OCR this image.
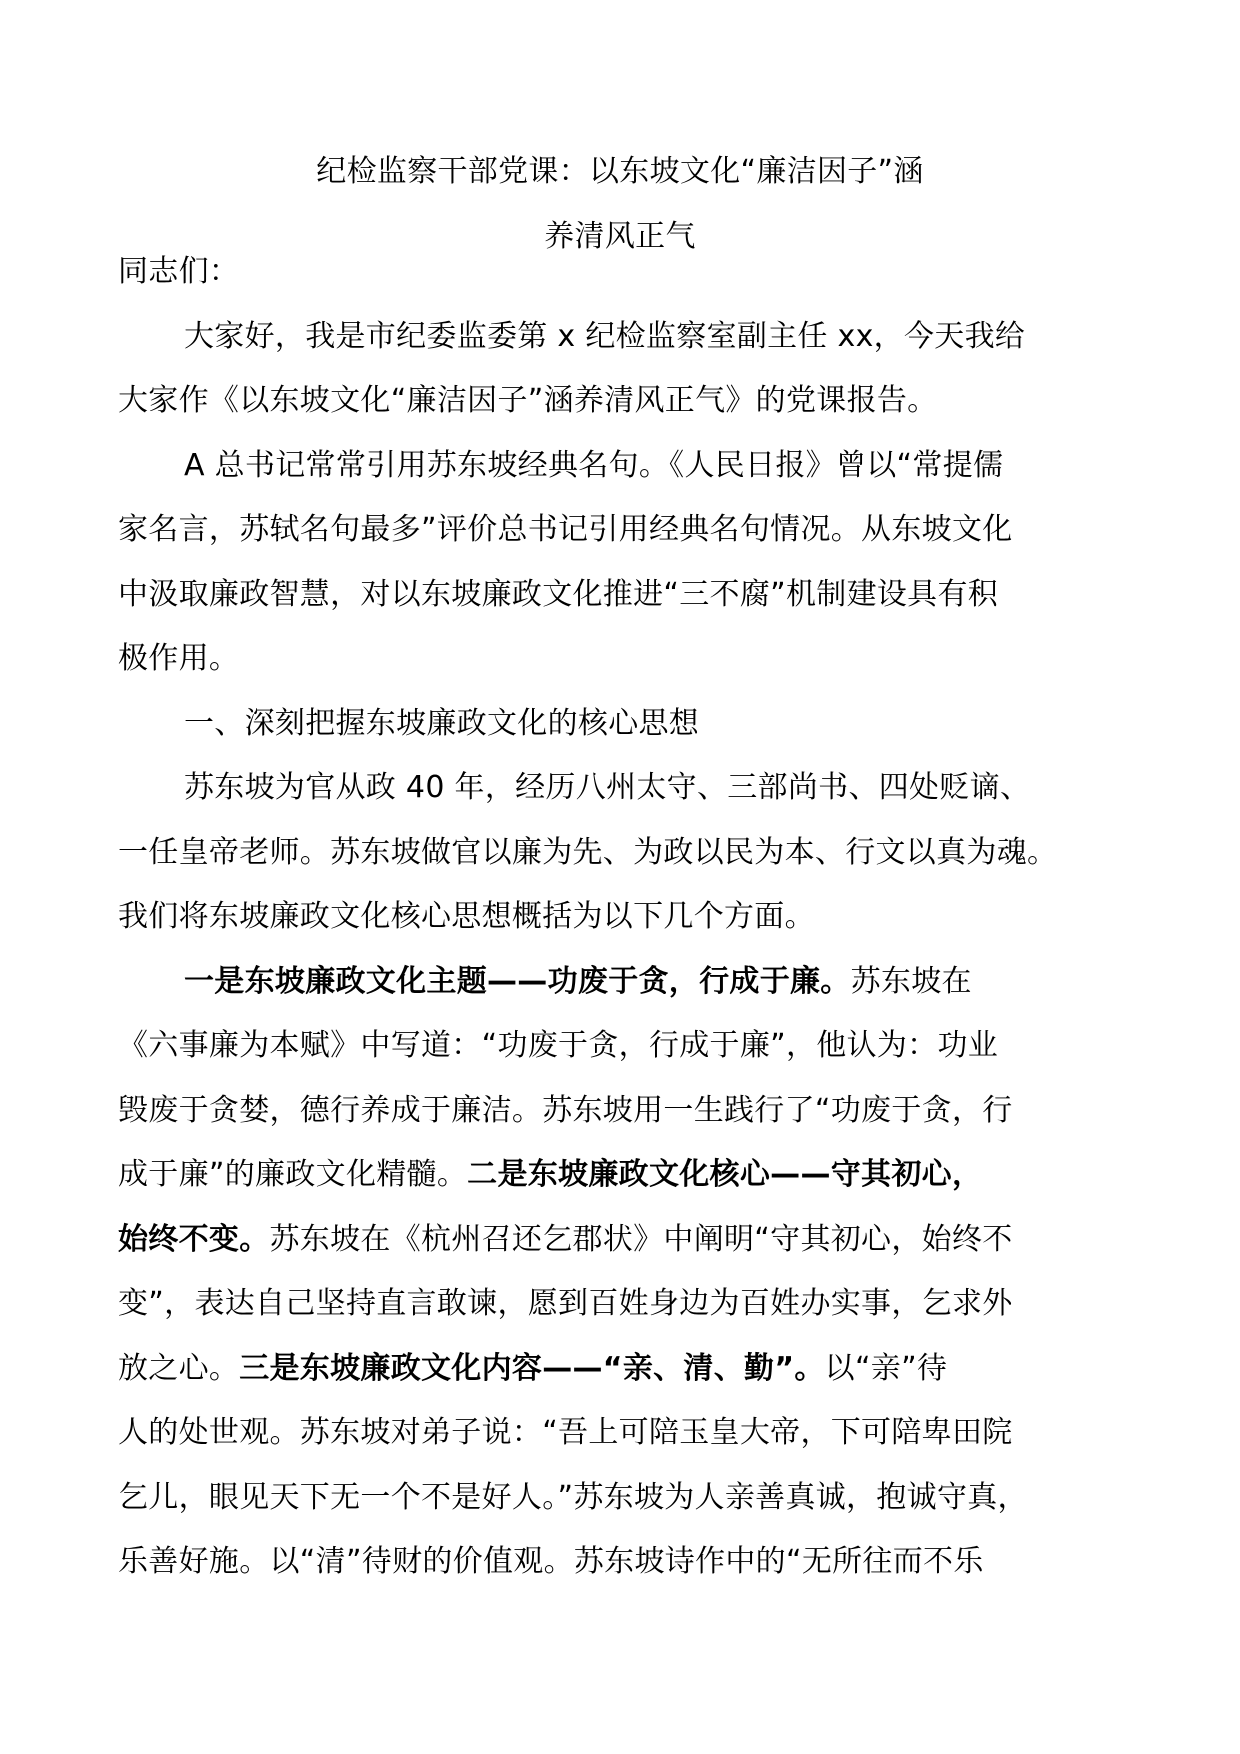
纪检监察干部党课：以东坡文化“廉洁因子”涵
养清风正气
同志们：
大家好，我是市纪委监委第 x 纪检监察室副主任 xx，今天我给
大家作《以东坡文化“廉洁因子”涵养清风正气》的党课报告。
A 总书记常常引用苏东坡经典名句。《人民日报》曾以“常提儒
家名言，苏轼名句最多”评价总书记引用经典名句情况。从东坡文化
中汲取廉政智慧，对以东坡廉政文化推进“三不腐”机制建设具有积
极作用。
一、深刻把握东坡廉政文化的核心思想
苏东坡为官从政 40 年，经历八州太守、三部尚书、四处贬谪、
一任皇帝老师。苏东坡做官以廉为先、为政以民为本、行文以真为魂。
我们将东坡廉政文化核心思想概括为以下几个方面。
一是东坡廉政文化主题——功废于贪，行成于廉。苏东坡在
《六事廉为本赋》中写道：“功废于贪，行成于廉”，他认为：功业
毁废于贪婪，德行养成于廉洁。苏东坡用一生践行了“功废于贪，行
成于廉”的廉政文化精髓。二是东坡廉政文化核心——守其初心，
始终不变。苏东坡在《杭州召还乞郡状》中阐明“守其初心，始终不
变”，表达自己坚持直言敢谏，愿到百姓身边为百姓办实事，乞求外
放之心。三是东坡廉政文化内容——“亲、清、勤”。以“亲”待
人的处世观。苏东坡对弟子说：“吾上可陪玉皇大帝，下可陪卑田院
乞儿，眼见天下无一个不是好人。”苏东坡为人亲善真诚，抱诚守真，
乐善好施。以“清”待财的价值观。苏东坡诗作中的“无所往而不乐
